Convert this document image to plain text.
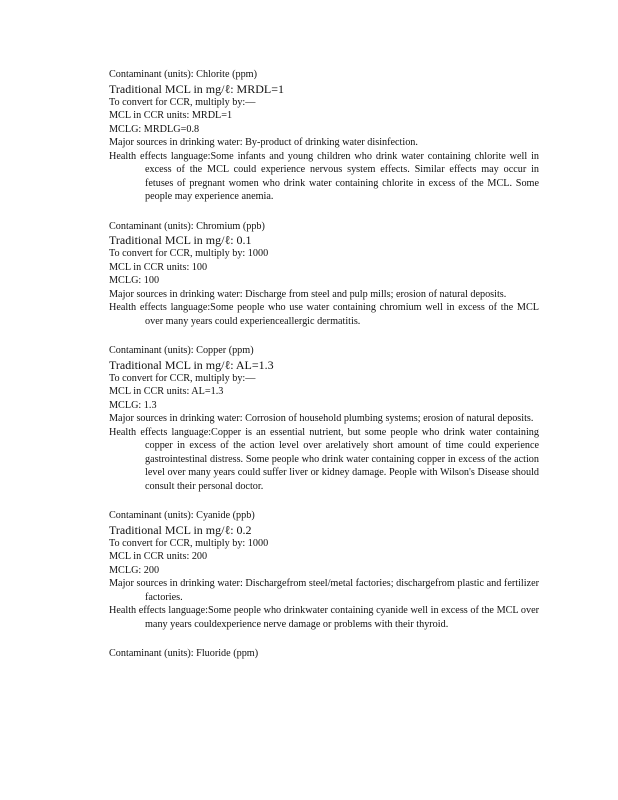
Contaminant (units): Chlorite (ppm)
Traditional MCL in mg/ℓ: MRDL=1
To convert for CCR, multiply by:—
MCL in CCR units: MRDL=1
MCLG: MRDLG=0.8
Major sources in drinking water: By-product of drinking water disinfection.
Health effects language:Some infants and young children who drink water containing chlorite well in excess of the MCL could experience nervous system effects. Similar effects may occur in fetuses of pregnant women who drink water containing chlorite in excess of the MCL. Some people may experience anemia.
Contaminant (units): Chromium (ppb)
Traditional MCL in mg/ℓ: 0.1
To convert for CCR, multiply by: 1000
MCL in CCR units: 100
MCLG: 100
Major sources in drinking water: Discharge from steel and pulp mills; erosion of natural deposits.
Health effects language:Some people who use water containing chromium well in excess of the MCL over many years could experienceallergic dermatitis.
Contaminant (units): Copper (ppm)
Traditional MCL in mg/ℓ: AL=1.3
To convert for CCR, multiply by:—
MCL in CCR units: AL=1.3
MCLG: 1.3
Major sources in drinking water: Corrosion of household plumbing systems; erosion of natural deposits.
Health effects language:Copper is an essential nutrient, but some people who drink water containing copper in excess of the action level over arelatively short amount of time could experience gastrointestinal distress. Some people who drink water containing copper in excess of the action level over many years could suffer liver or kidney damage. People with Wilson's Disease should consult their personal doctor.
Contaminant (units): Cyanide (ppb)
Traditional MCL in mg/ℓ: 0.2
To convert for CCR, multiply by: 1000
MCL in CCR units: 200
MCLG: 200
Major sources in drinking water: Dischargefrom steel/metal factories; dischargefrom plastic and fertilizer factories.
Health effects language:Some people who drinkwater containing cyanide well in excess of the MCL over many years couldexperience nerve damage or problems with their thyroid.
Contaminant (units): Fluoride (ppm)
